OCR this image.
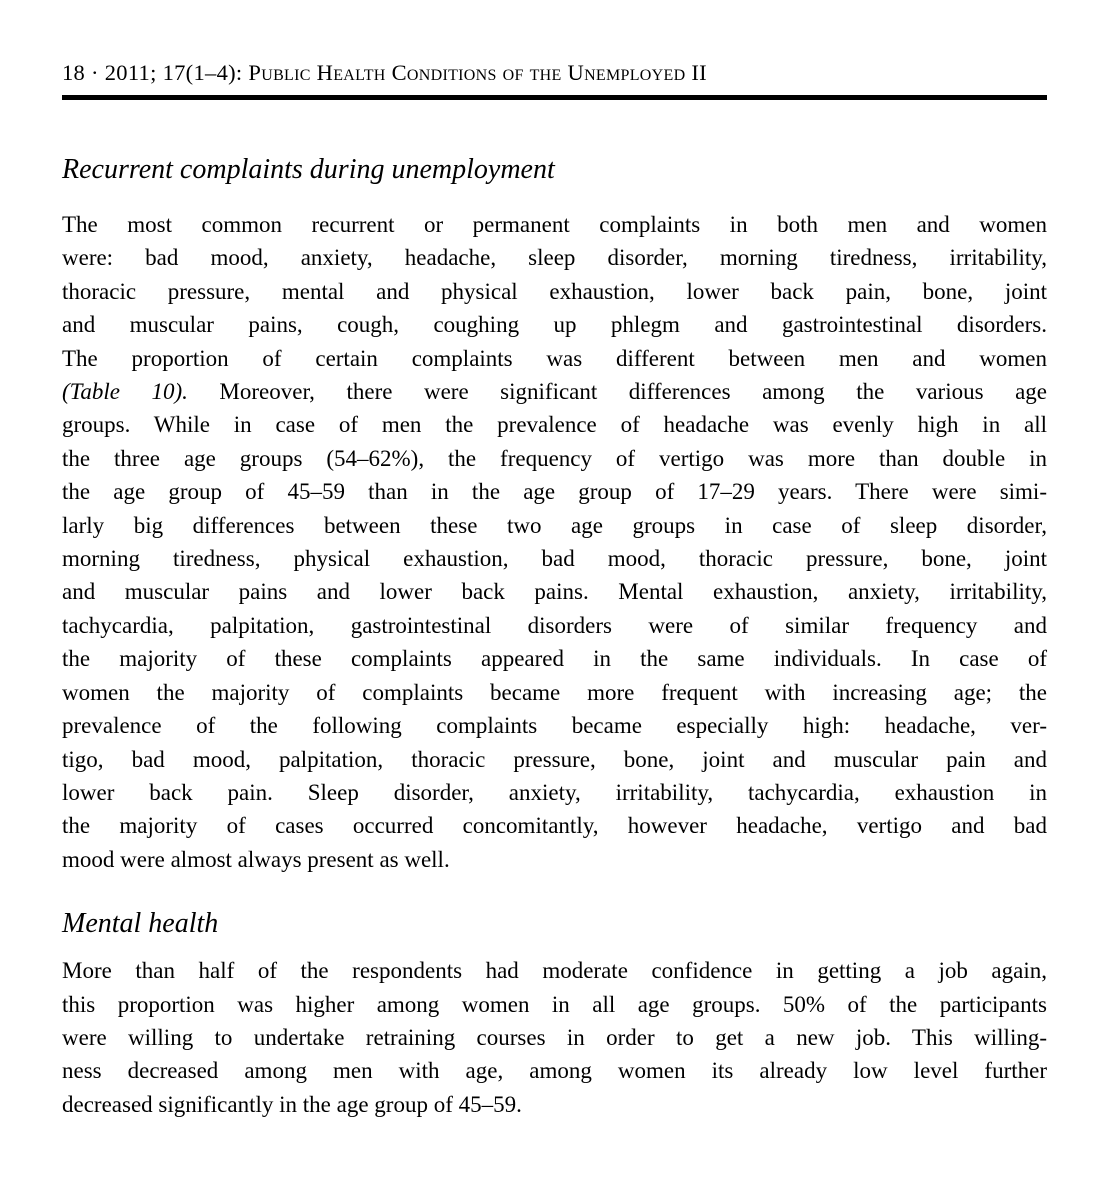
18 · 2011; 17(1–4): Public Health Conditions of the Unemployed II
Recurrent complaints during unemployment
The most common recurrent or permanent complaints in both men and women
were: bad mood, anxiety, headache, sleep disorder, morning tiredness, irritability,
thoracic pressure, mental and physical exhaustion, lower back pain, bone, joint
and muscular pains, cough, coughing up phlegm and gastrointestinal disorders.
The proportion of certain complaints was different between men and women
(Table 10). Moreover, there were significant differences among the various age
groups. While in case of men the prevalence of headache was evenly high in all
the three age groups (54–62%), the frequency of vertigo was more than double in
the age group of 45–59 than in the age group of 17–29 years. There were simi-
larly big differences between these two age groups in case of sleep disorder,
morning tiredness, physical exhaustion, bad mood, thoracic pressure, bone, joint
and muscular pains and lower back pains. Mental exhaustion, anxiety, irritability,
tachycardia, palpitation, gastrointestinal disorders were of similar frequency and
the majority of these complaints appeared in the same individuals. In case of
women the majority of complaints became more frequent with increasing age; the
prevalence of the following complaints became especially high: headache, ver-
tigo, bad mood, palpitation, thoracic pressure, bone, joint and muscular pain and
lower back pain. Sleep disorder, anxiety, irritability, tachycardia, exhaustion in
the majority of cases occurred concomitantly, however headache, vertigo and bad
mood were almost always present as well.
Mental health
More than half of the respondents had moderate confidence in getting a job again,
this proportion was higher among women in all age groups. 50% of the participants
were willing to undertake retraining courses in order to get a new job. This willing-
ness decreased among men with age, among women its already low level further
decreased significantly in the age group of 45–59.
